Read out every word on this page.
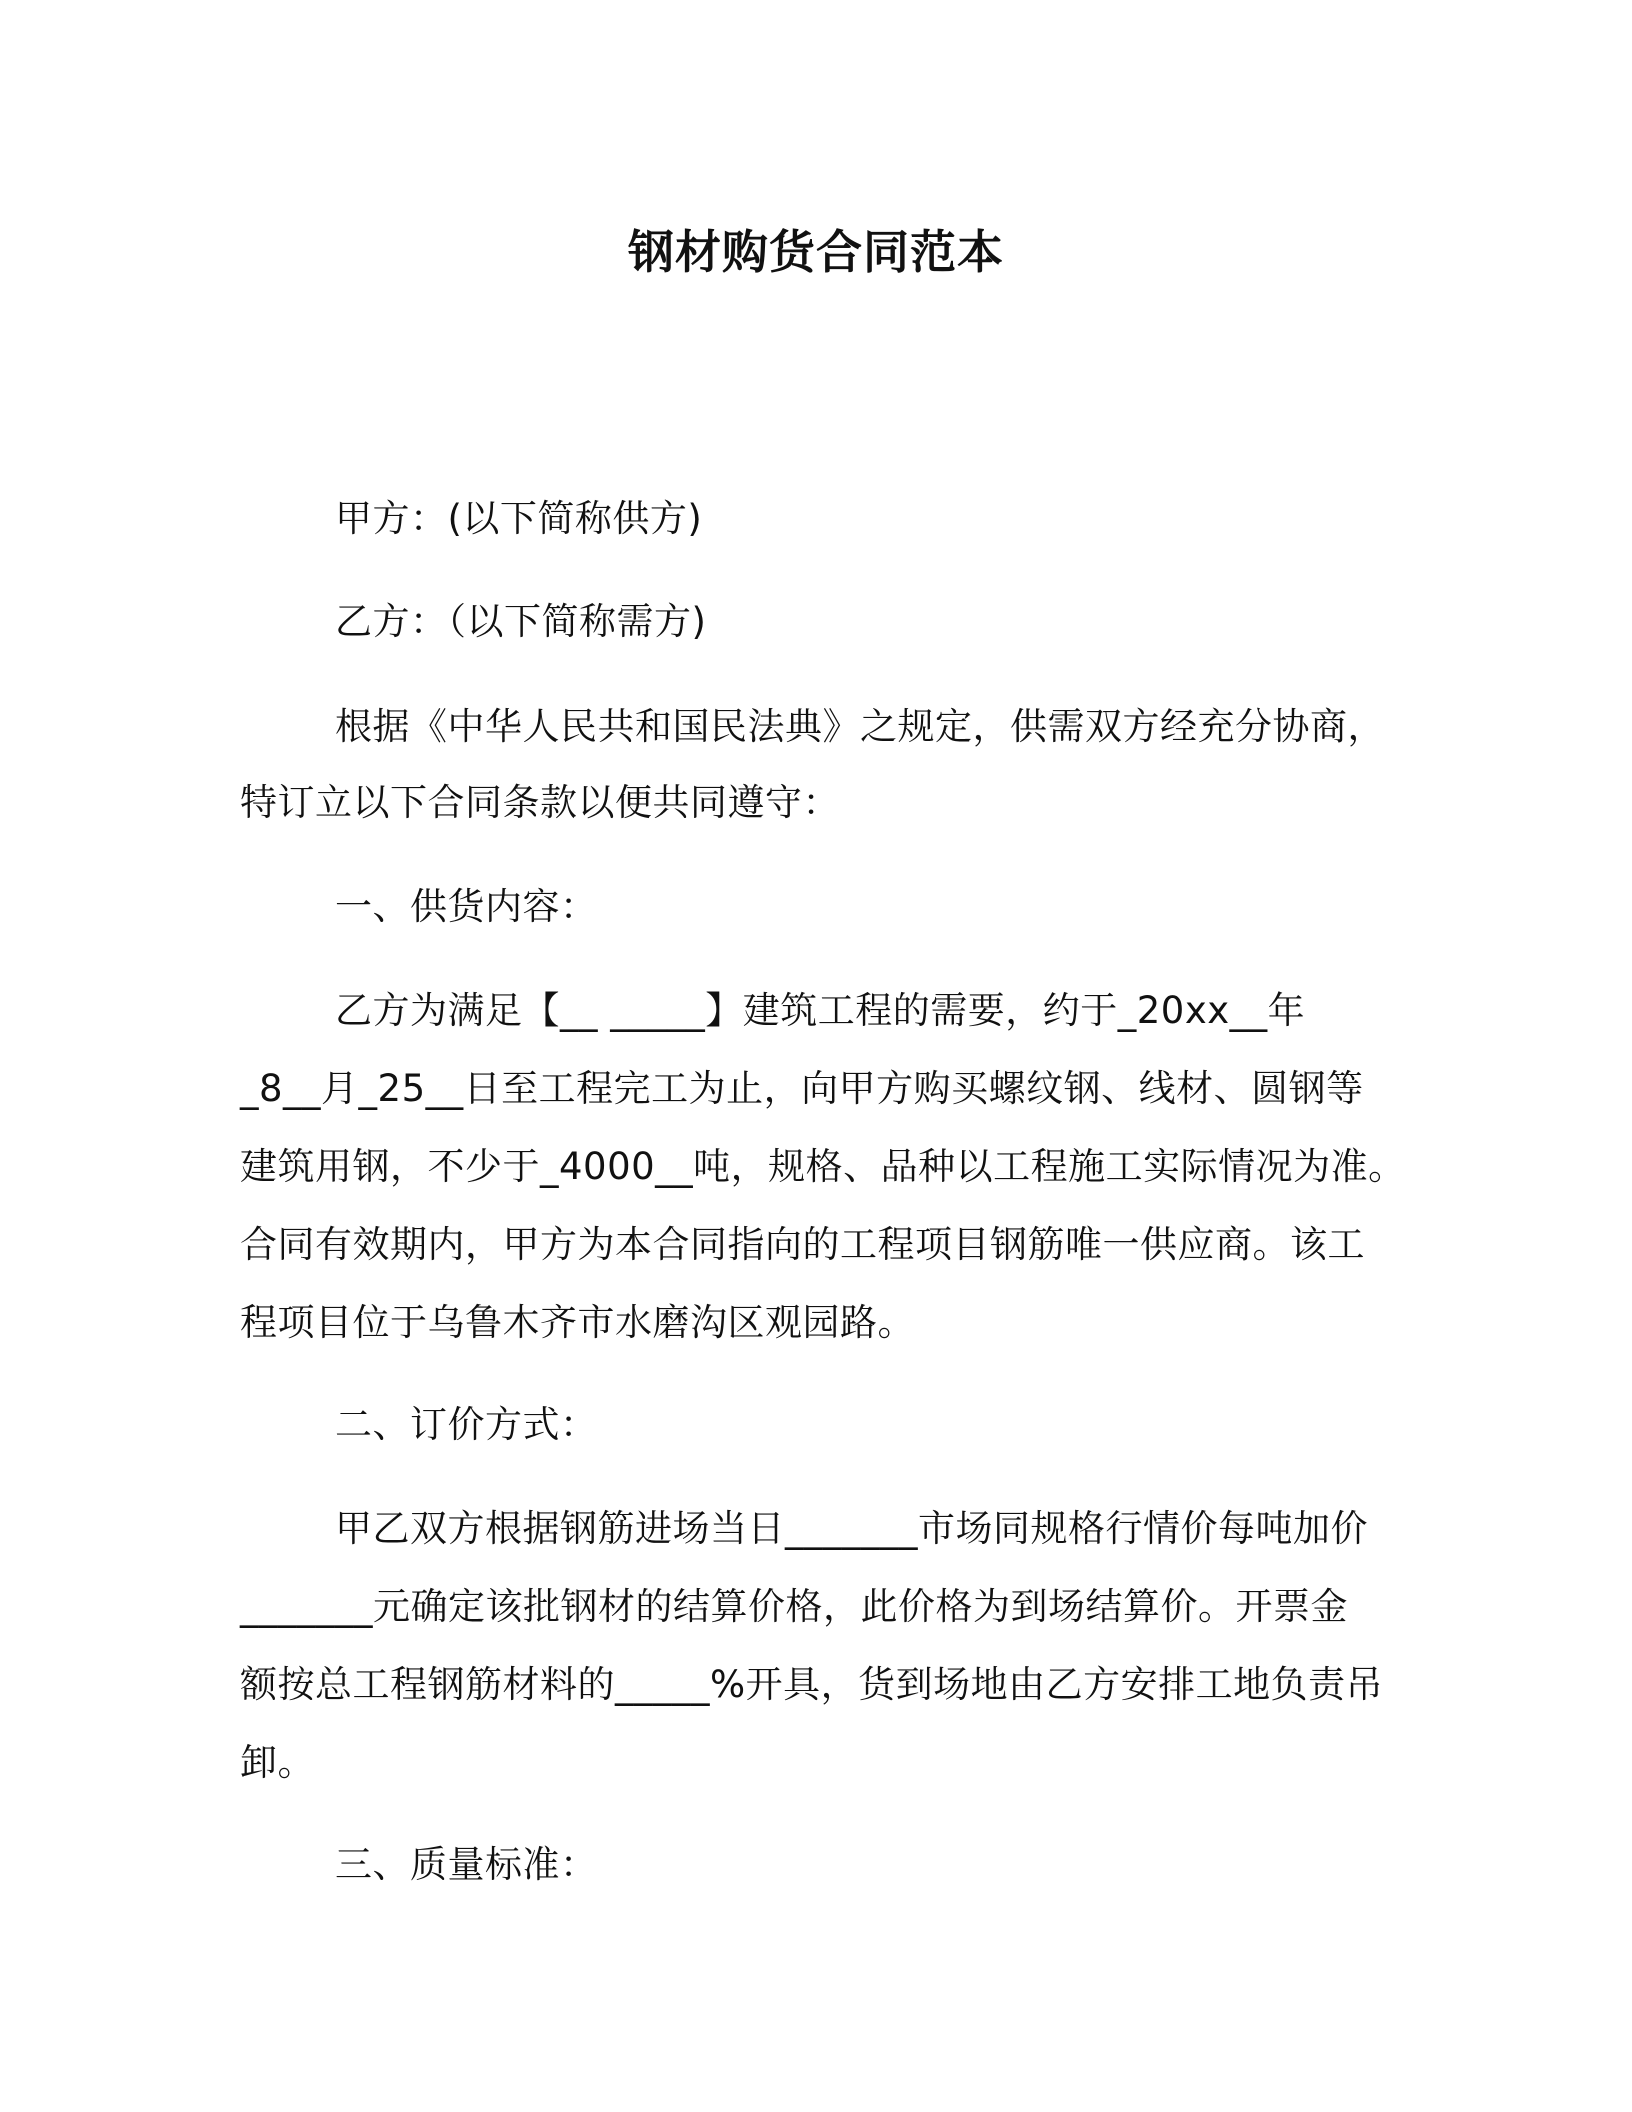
钢材购货合同范本
甲方：(以下简称供方)
乙方：（以下简称需方)
根据《中华人民共和国民法典》之规定，供需双方经充分协商，
特订立以下合同条款以便共同遵守：
一、供货内容：
乙方为满足【__ _____】建筑工程的需要，约于_20xx__年
_8__月_25__日至工程完工为止，向甲方购买螺纹钢、线材、圆钢等
建筑用钢，不少于_4000__吨，规格、品种以工程施工实际情况为准。
合同有效期内，甲方为本合同指向的工程项目钢筋唯一供应商。该工
程项目位于乌鲁木齐市水磨沟区观园路。
二、订价方式：
甲乙双方根据钢筋进场当日_______市场同规格行情价每吨加价
_______元确定该批钢材的结算价格，此价格为到场结算价。开票金
额按总工程钢筋材料的_____%开具，货到场地由乙方安排工地负责吊
卸。
三、质量标准：
